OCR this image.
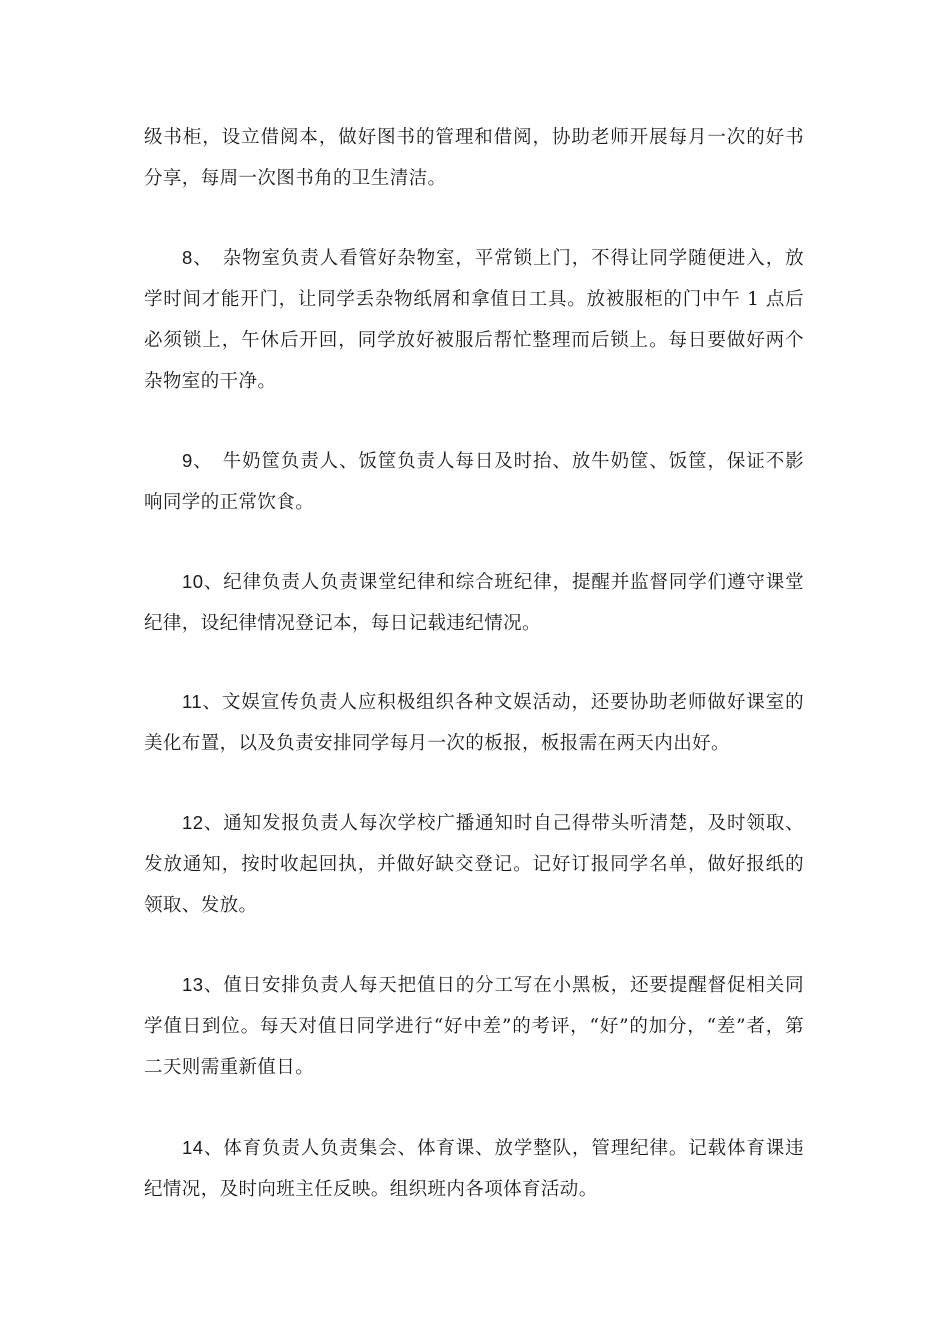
级书柜，设立借阅本，做好图书的管理和借阅，协助老师开展每月一次的好书分享，每周一次图书角的卫生清洁。

8、　杂物室负责人看管好杂物室，平常锁上门，不得让同学随便进入，放学时间才能开门，让同学丢杂物纸屑和拿值日工具。放被服柜的门中午 1 点后必须锁上，午休后开回，同学放好被服后帮忙整理而后锁上。每日要做好两个杂物室的干净。

9、　牛奶筐负责人、饭筐负责人每日及时抬、放牛奶筐、饭筐，保证不影响同学的正常饮食。

10、纪律负责人负责课堂纪律和综合班纪律，提醒并监督同学们遵守课堂纪律，设纪律情况登记本，每日记载违纪情况。

11、文娱宣传负责人应积极组织各种文娱活动，还要协助老师做好课室的美化布置，以及负责安排同学每月一次的板报，板报需在两天内出好。

12、通知发报负责人每次学校广播通知时自己得带头听清楚，及时领取、发放通知，按时收起回执，并做好缺交登记。记好订报同学名单，做好报纸的领取、发放。

13、值日安排负责人每天把值日的分工写在小黑板，还要提醒督促相关同学值日到位。每天对值日同学进行“好中差”的考评，“好”的加分，“差”者，第二天则需重新值日。

14、体育负责人负责集会、体育课、放学整队，管理纪律。记载体育课违纪情况，及时向班主任反映。组织班内各项体育活动。
